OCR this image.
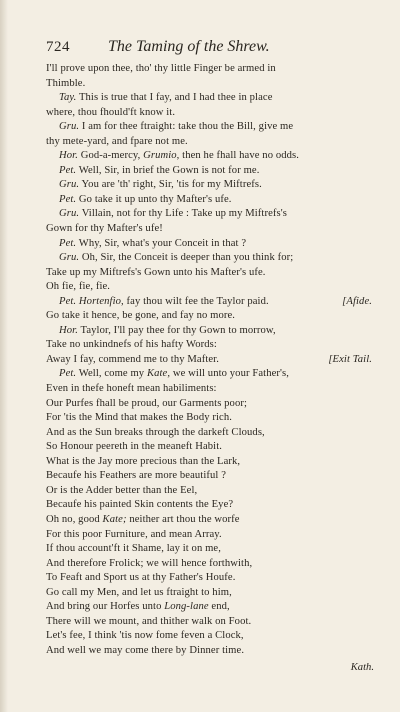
724	The Taming of the Shrew.
I'll prove upon thee, tho' thy little Finger be armed in
Thimble.
Tay. This is true that I fay, and I had thee in place
where, thou fhould'ft know it.
Gru. I am for thee ftraight: take thou the Bill, give me
thy mete-yard, and fpare not me.
Hor. God-a-mercy, Grumio, then he fhall have no odds.
Pet. Well, Sir, in brief the Gown is not for me.
Gru. You are 'th' right, Sir, 'tis for my Miftrefs.
Pet. Go take it up unto thy Mafter's ufe.
Gru. Villain, not for thy Life : Take up my Miftrefs's
Gown for thy Mafter's ufe!
Pet. Why, Sir, what's your Conceit in that ?
Gru. Oh, Sir, the Conceit is deeper than you think for;
Take up my Miftrefs's Gown unto his Mafter's ufe.
Oh fie, fie, fie.
[Afide.
Pet. Hortenfio, fay thou wilt fee the Taylor paid.
Go take it hence, be gone, and fay no more.
Hor. Taylor, I'll pay thee for thy Gown to morrow,
Take no unkindnefs of his hafty Words:
[Exit Tail.
Away I fay, commend me to thy Mafter.
Pet. Well, come my Kate, we will unto your Father's,
Even in thefe honeft mean habiliments:
Our Purfes fhall be proud, our Garments poor;
For 'tis the Mind that makes the Body rich.
And as the Sun breaks through the darkeft Clouds,
So Honour peereth in the meaneft Habit.
What is the Jay more precious than the Lark,
Becaufe his Feathers are more beautiful ?
Or is the Adder better than the Eel,
Becaufe his painted Skin contents the Eye?
Oh no, good Kate; neither art thou the worfe
For this poor Furniture, and mean Array.
If thou account'ft it Shame, lay it on me,
And therefore Frolick; we will hence forthwith,
To Feaft and Sport us at thy Father's Houfe.
Go call my Men, and let us ftraight to him,
And bring our Horfes unto Long-lane end,
There will we mount, and thither walk on Foot.
Let's fee, I think 'tis now fome feven a Clock,
And well we may come there by Dinner time.
Kath.
